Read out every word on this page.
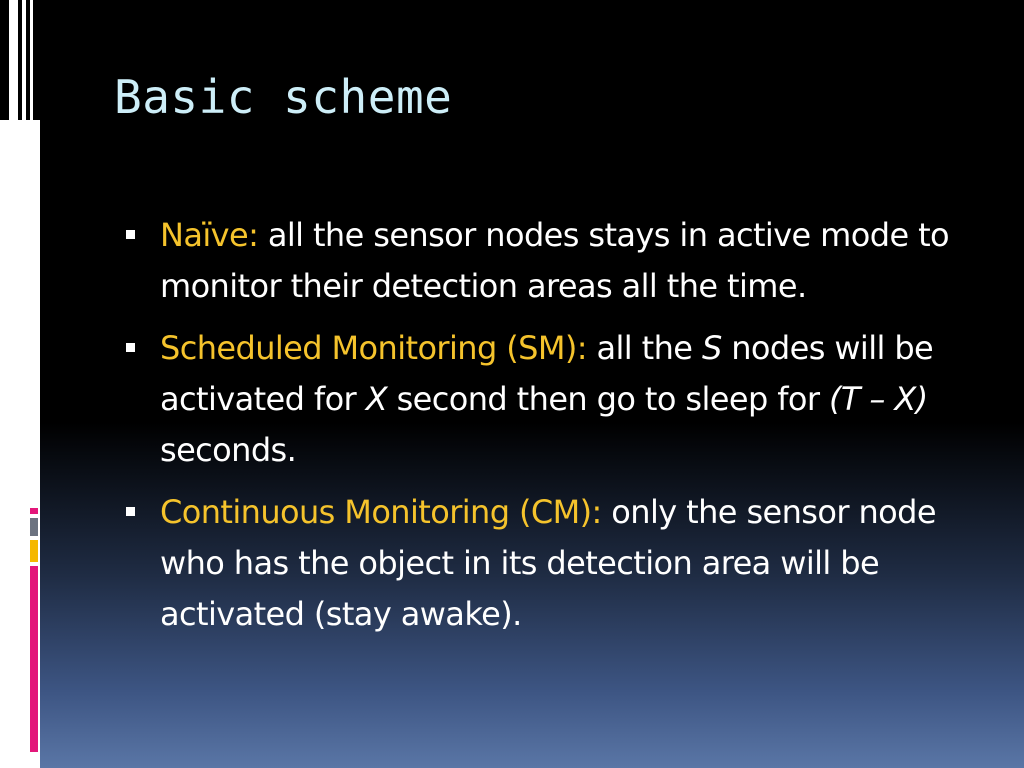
Basic scheme
Naïve: all the sensor nodes stays in active mode to monitor their detection areas all the time.
Scheduled Monitoring (SM): all the S nodes will be activated for X second then go to sleep for (T – X) seconds.
Continuous Monitoring (CM): only the sensor node who has the object in its detection area will be activated (stay awake).
